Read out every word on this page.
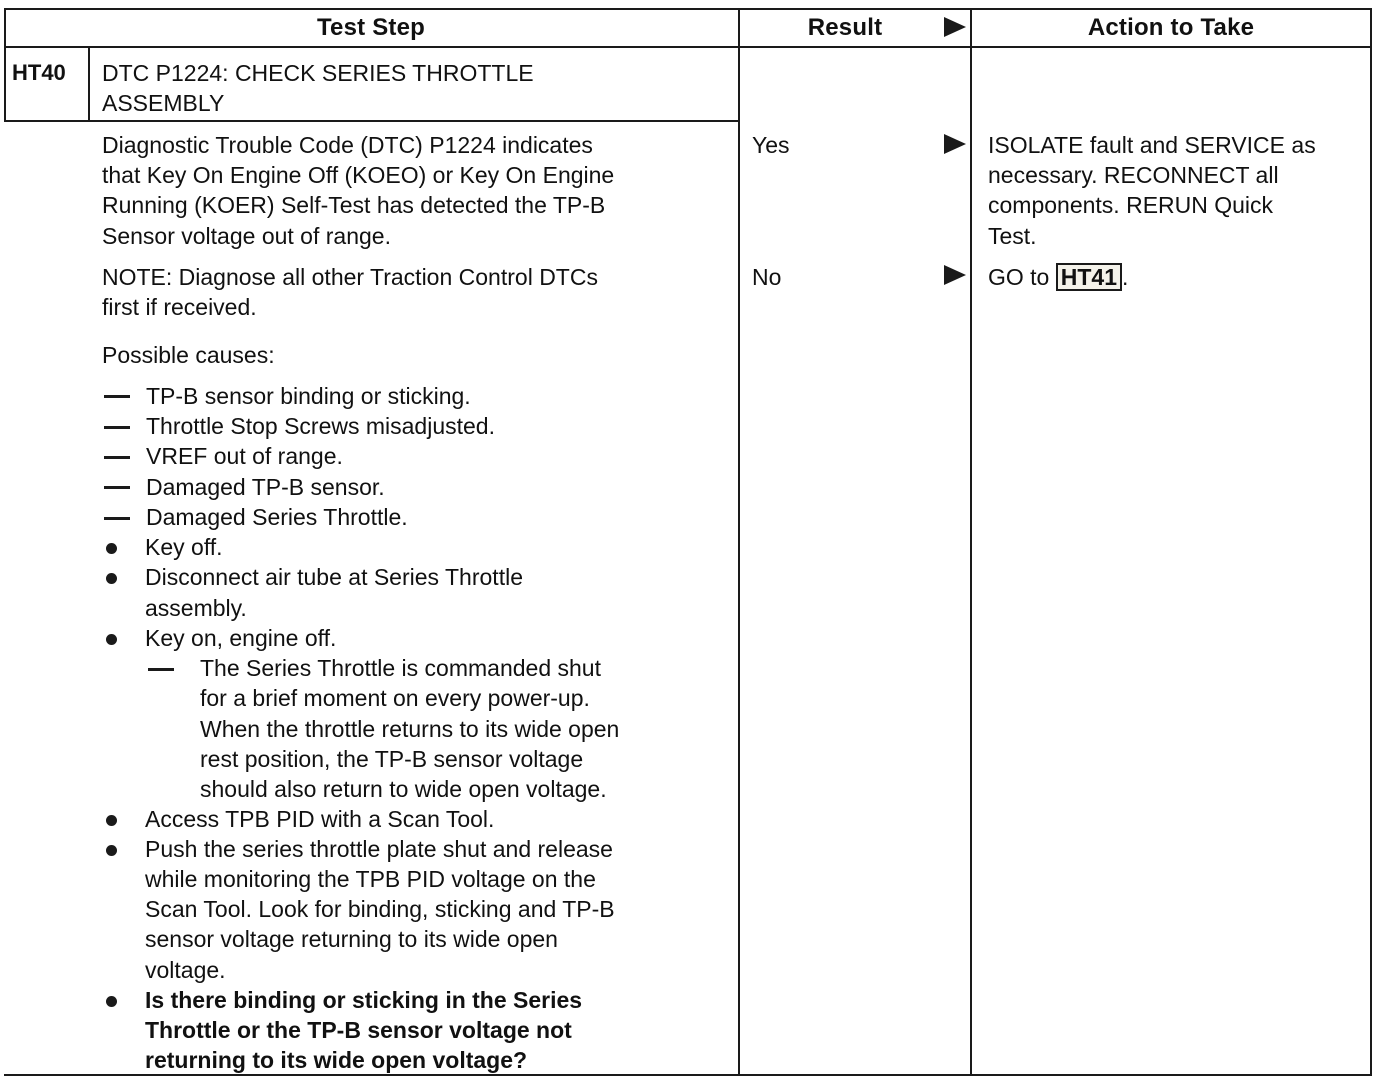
Test Step	Result	Action to Take
HT40 DTC P1224: CHECK SERIES THROTTLE
ASSEMBLY
Diagnostic Trouble Code (DTC) P1224 indicates
that Key On Engine Off (KOEO) or Key On Engine
Running (KOER) Self-Test has detected the TP-B
Sensor voltage out of range.
NOTE: Diagnose all other Traction Control DTCs
first if received.
Possible causes:
TP-B sensor binding or sticking.
Throttle Stop Screws misadjusted.
VREF out of range.
Damaged TP-B sensor.
Damaged Series Throttle.
Key off.
Disconnect air tube at Series Throttle
assembly.
Key on, engine off.
The Series Throttle is commanded shut
for a brief moment on every power-up.
When the throttle returns to its wide open
rest position, the TP-B sensor voltage
should also return to wide open voltage.
Access TPB PID with a Scan Tool.
Push the series throttle plate shut and release
while monitoring the TPB PID voltage on the
Scan Tool. Look for binding, sticking and TP-B
sensor voltage returning to its wide open
voltage.
Is there binding or sticking in the Series
Throttle or the TP-B sensor voltage not
returning to its wide open voltage?
Yes
No
ISOLATE fault and SERVICE as
necessary. RECONNECT all
components. RERUN Quick
Test.
GO to HT41 .
